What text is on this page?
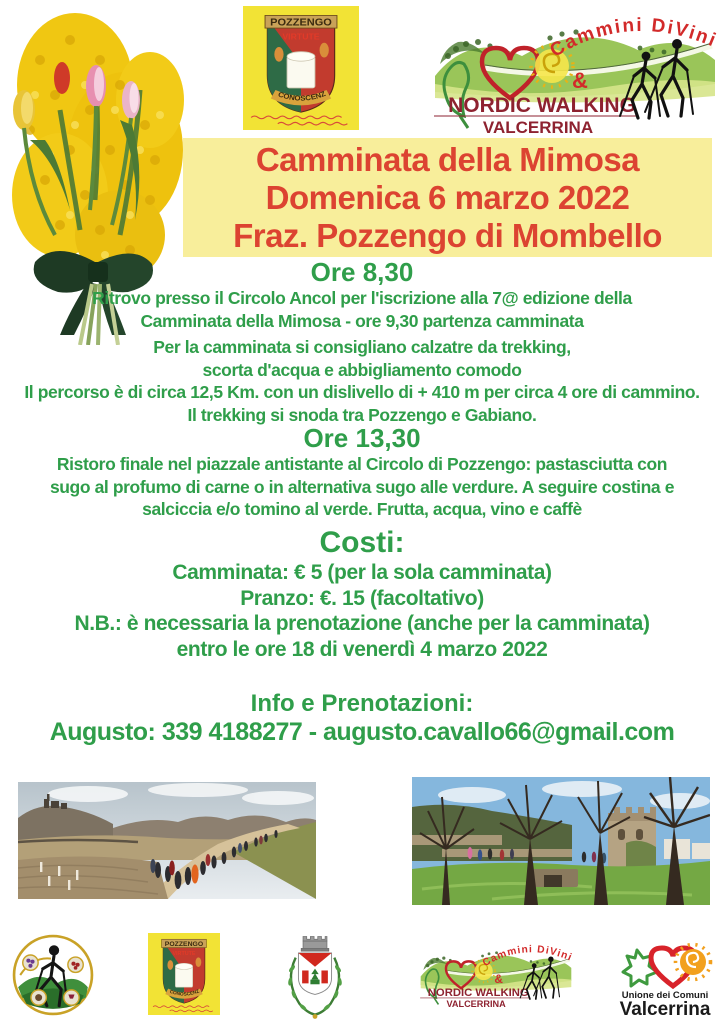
Camminata della Mimosa
Domenica 6 marzo 2022
Fraz. Pozzengo di Mombello
Ore 8,30
Ritrovo presso il Circolo Ancol per l'iscrizione alla 7@ edizione della
Camminata della Mimosa - ore 9,30 partenza camminata
Per la camminata si consigliano calzatre da trekking,
scorta d'acqua e abbigliamento comodo
Il percorso è di circa 12,5 Km. con un dislivello di + 410 m per circa 4 ore di cammino.
Il trekking si snoda tra Pozzengo e Gabiano.
Ore 13,30
Ristoro finale nel piazzale antistante al Circolo di Pozzengo: pastasciutta con
sugo al profumo di carne o in alternativa sugo alle verdure. A seguire costina e
salciccia e/o tomino al verde. Frutta, acqua, vino e caffè
Costi:
Camminata: € 5 (per la sola camminata)
Pranzo: €. 15 (facoltativo)
N.B.: è necessaria la prenotazione (anche per la camminata)
entro le ore 18 di venerdì 4 marzo 2022
Info e Prenotazioni:
Augusto: 339 4188277 - augusto.cavallo66@gmail.com
Unione dei Comuni
Valcerrina
